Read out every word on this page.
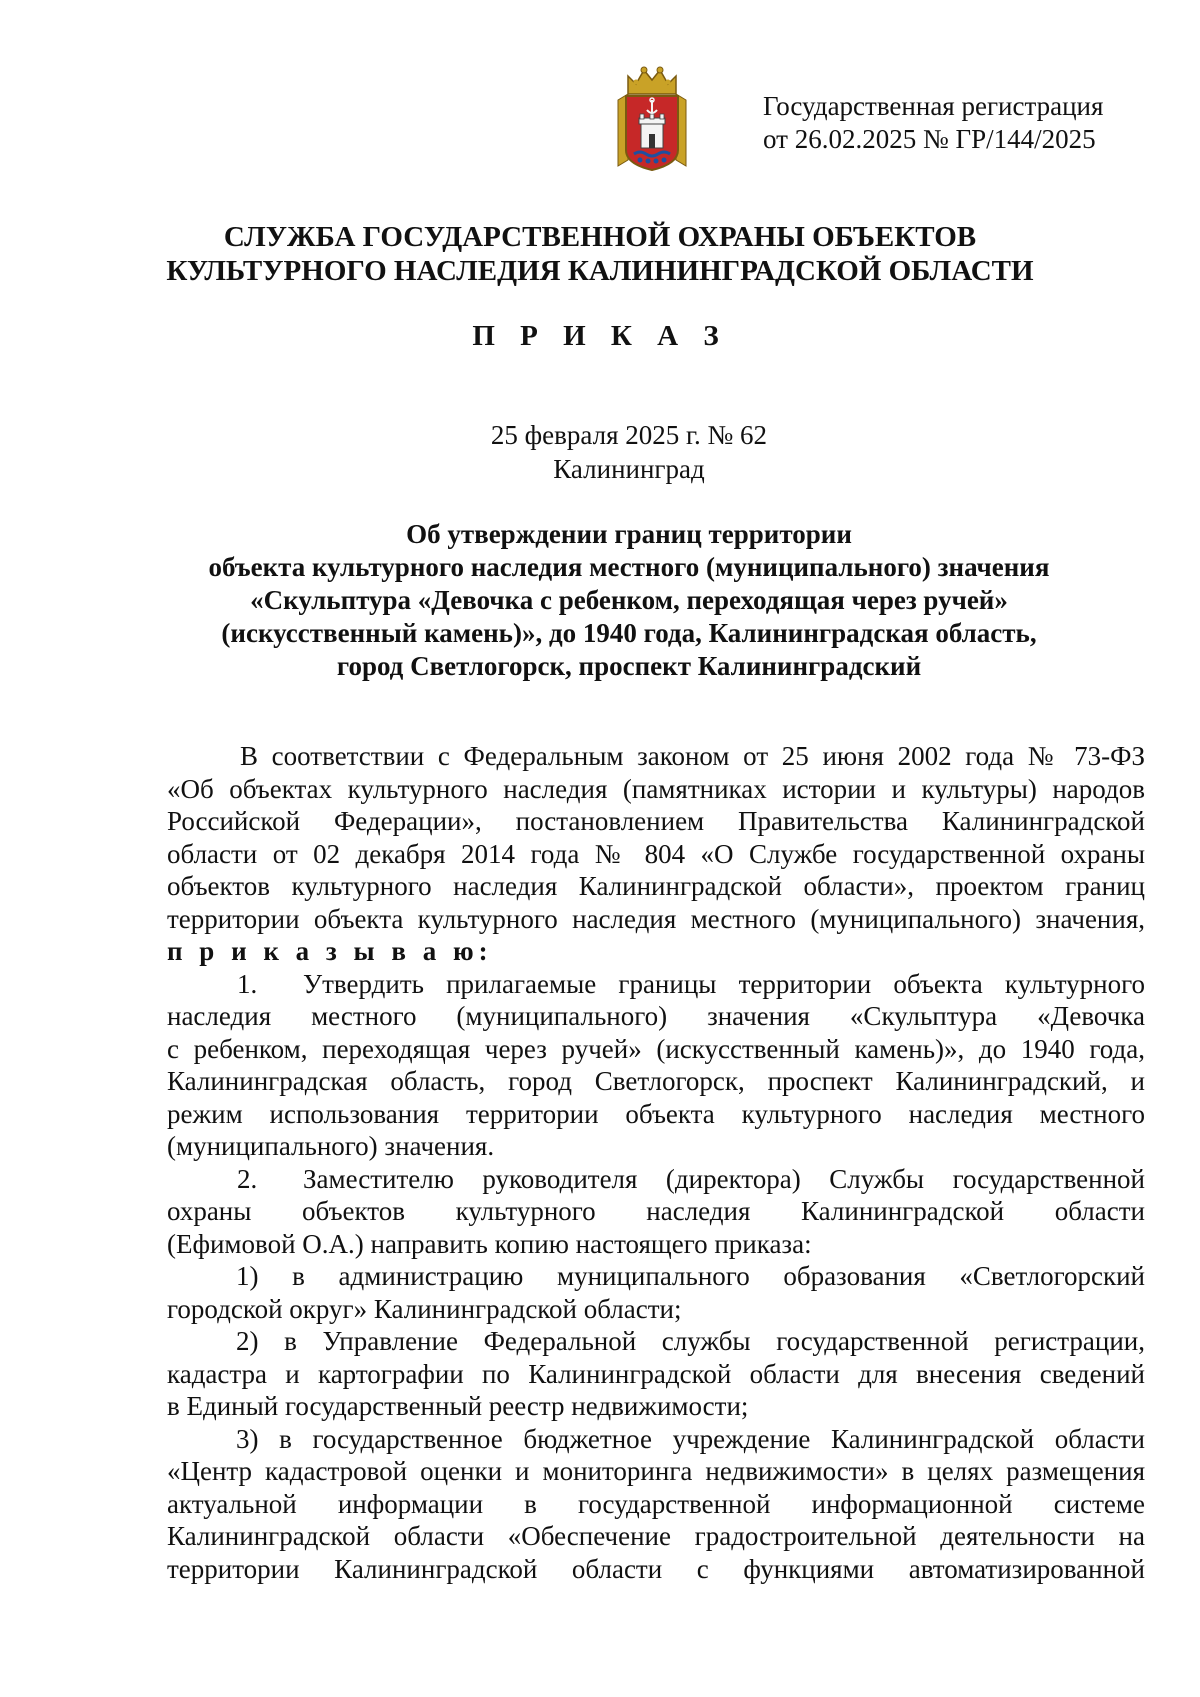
Государственная регистрация
от 26.02.2025 № ГР/144/2025
СЛУЖБА ГОСУДАРСТВЕННОЙ ОХРАНЫ ОБЪЕКТОВ
КУЛЬТУРНОГО НАСЛЕДИЯ КАЛИНИНГРАДСКОЙ ОБЛАСТИ
П Р И К А З
25 февраля 2025 г. № 62
Калининград
Об утверждении границ территории
объекта культурного наследия местного (муниципального) значения
«Скульптура «Девочка с ребенком, переходящая через ручей»
(искусственный камень)», до 1940 года, Калининградская область,
город Светлогорск, проспект Калининградский
В соответствии с Федеральным законом от 25 июня 2002 года № 73-ФЗ
«Об объектах культурного наследия (памятниках истории и культуры) народов
Российской Федерации», постановлением Правительства Калининградской
области от 02 декабря 2014 года № 804 «О Службе государственной охраны
объектов культурного наследия Калининградской области», проектом границ
территории объекта культурного наследия местного (муниципального) значения,
п р и к а з ы в а ю:
1. Утвердить прилагаемые границы территории объекта культурного
наследия местного (муниципального) значения «Скульптура «Девочка
с ребенком, переходящая через ручей» (искусственный камень)», до 1940 года,
Калининградская область, город Светлогорск, проспект Калининградский, и
режим использования территории объекта культурного наследия местного
(муниципального) значения.
2. Заместителю руководителя (директора) Службы государственной
охраны объектов культурного наследия Калининградской области
(Ефимовой О.А.) направить копию настоящего приказа:
1) в администрацию муниципального образования «Светлогорский
городской округ» Калининградской области;
2) в Управление Федеральной службы государственной регистрации,
кадастра и картографии по Калининградской области для внесения сведений
в Единый государственный реестр недвижимости;
3) в государственное бюджетное учреждение Калининградской области
«Центр кадастровой оценки и мониторинга недвижимости» в целях размещения
актуальной информации в государственной информационной системе
Калининградской области «Обеспечение градостроительной деятельности на
территории Калининградской области с функциями автоматизированной
